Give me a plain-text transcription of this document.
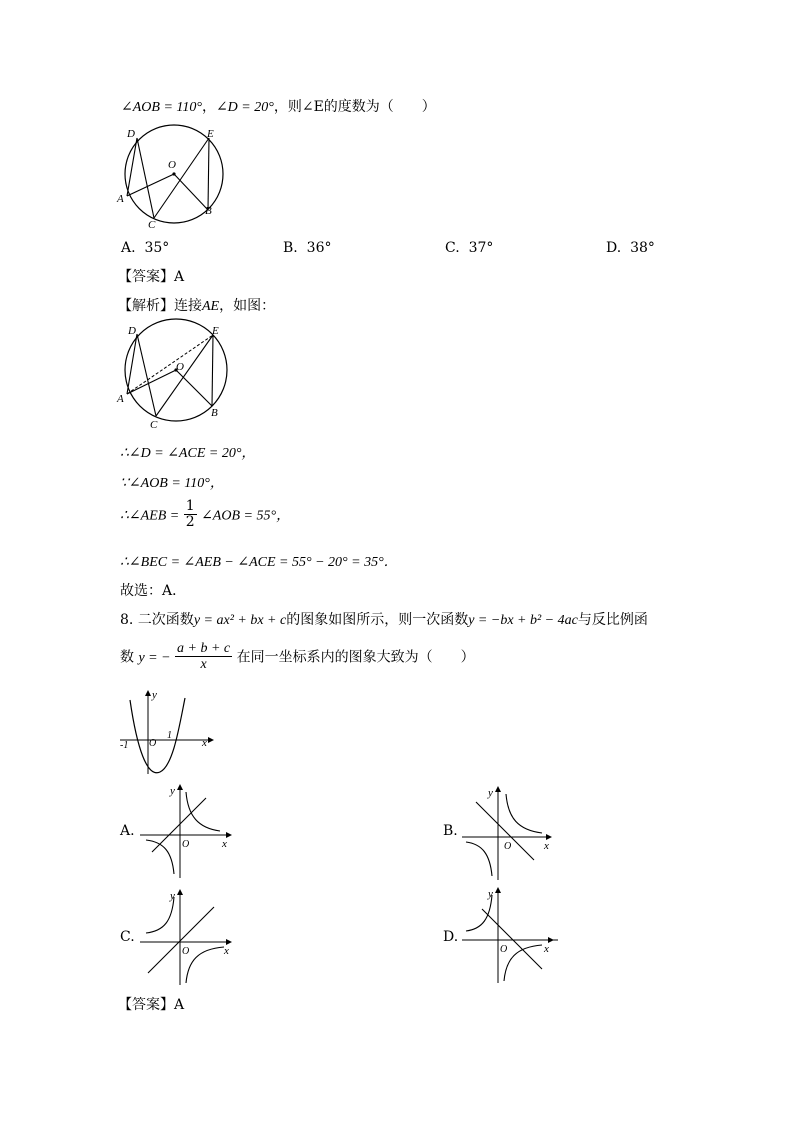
∠AOB = 110°，∠D = 20°，则∠E的度数为（　　）
D	E
O
A
C
B
A. 35°	B. 36°	C. 37°	D. 38°
【答案】A
【解析】连接AE，如图：
D	E
O
A
C
B
∴∠D = ∠ACE = 20°，
∵∠AOB = 110°，
∴∠AEB = $\frac{1}{2}$ ∠AOB = 55°，
∴∠BEC = ∠AEB − ∠ACE = 55° − 20° = 35°．
故选：A．
8. 二次函数y = ax² + bx + c的图象如图所示，则一次函数y = −bx + b² − 4ac与反比例函
数 y = − $\frac{a + b + c}{x}$ 在同一坐标系内的图象大致为（　　）
y
x
O
-1
1
A.
y
x
O
B.
y
x
O
C.
y
x
O
D.
y
x
O
【答案】A
